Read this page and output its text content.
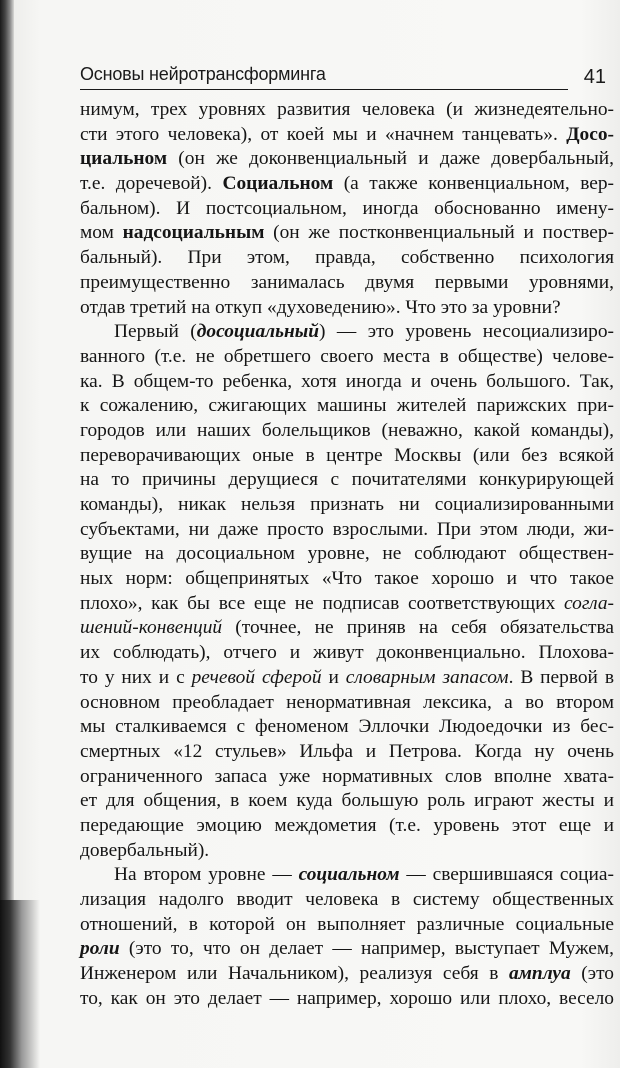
Основы нейротрансформинга	41
нимум, трех уровнях развития человека (и жизнедеятельно-
сти этого человека), от коей мы и «начнем танцевать». Досо-
циальном (он же доконвенциальный и даже довербальный,
т.е. доречевой). Социальном (а также конвенциальном, вер-
бальном). И постсоциальном, иногда обоснованно имену-
мом надсоциальным (он же постконвенциальный и поствер-
бальный). При этом, правда, собственно психология
преимущественно занималась двумя первыми уровнями,
отдав третий на откуп «духоведению». Что это за уровни?
Первый (досоциальный) — это уровень несоциализиро-
ванного (т.е. не обретшего своего места в обществе) челове-
ка. В общем-то ребенка, хотя иногда и очень большого. Так,
к сожалению, сжигающих машины жителей парижских при-
городов или наших болельщиков (неважно, какой команды),
переворачивающих оные в центре Москвы (или без всякой
на то причины дерущиеся с почитателями конкурирующей
команды), никак нельзя признать ни социализированными
субъектами, ни даже просто взрослыми. При этом люди, жи-
вущие на досоциальном уровне, не соблюдают обществен-
ных норм: общепринятых «Что такое хорошо и что такое
плохо», как бы все еще не подписав соответствующих согла-
шений-конвенций (точнее, не приняв на себя обязательства
их соблюдать), отчего и живут доконвенциально. Плохова-
то у них и с речевой сферой и словарным запасом. В первой в
основном преобладает ненормативная лексика, а во втором
мы сталкиваемся с феноменом Эллочки Людоедочки из бес-
смертных «12 стульев» Ильфа и Петрова. Когда ну очень
ограниченного запаса уже нормативных слов вполне хвата-
ет для общения, в коем куда большую роль играют жесты и
передающие эмоцию междометия (т.е. уровень этот еще и
довербальный).
На втором уровне — социальном — свершившаяся социа-
лизация надолго вводит человека в систему общественных
отношений, в которой он выполняет различные социальные
роли (это то, что он делает — например, выступает Мужем,
Инженером или Начальником), реализуя себя в амплуа (это
то, как он это делает — например, хорошо или плохо, весело
